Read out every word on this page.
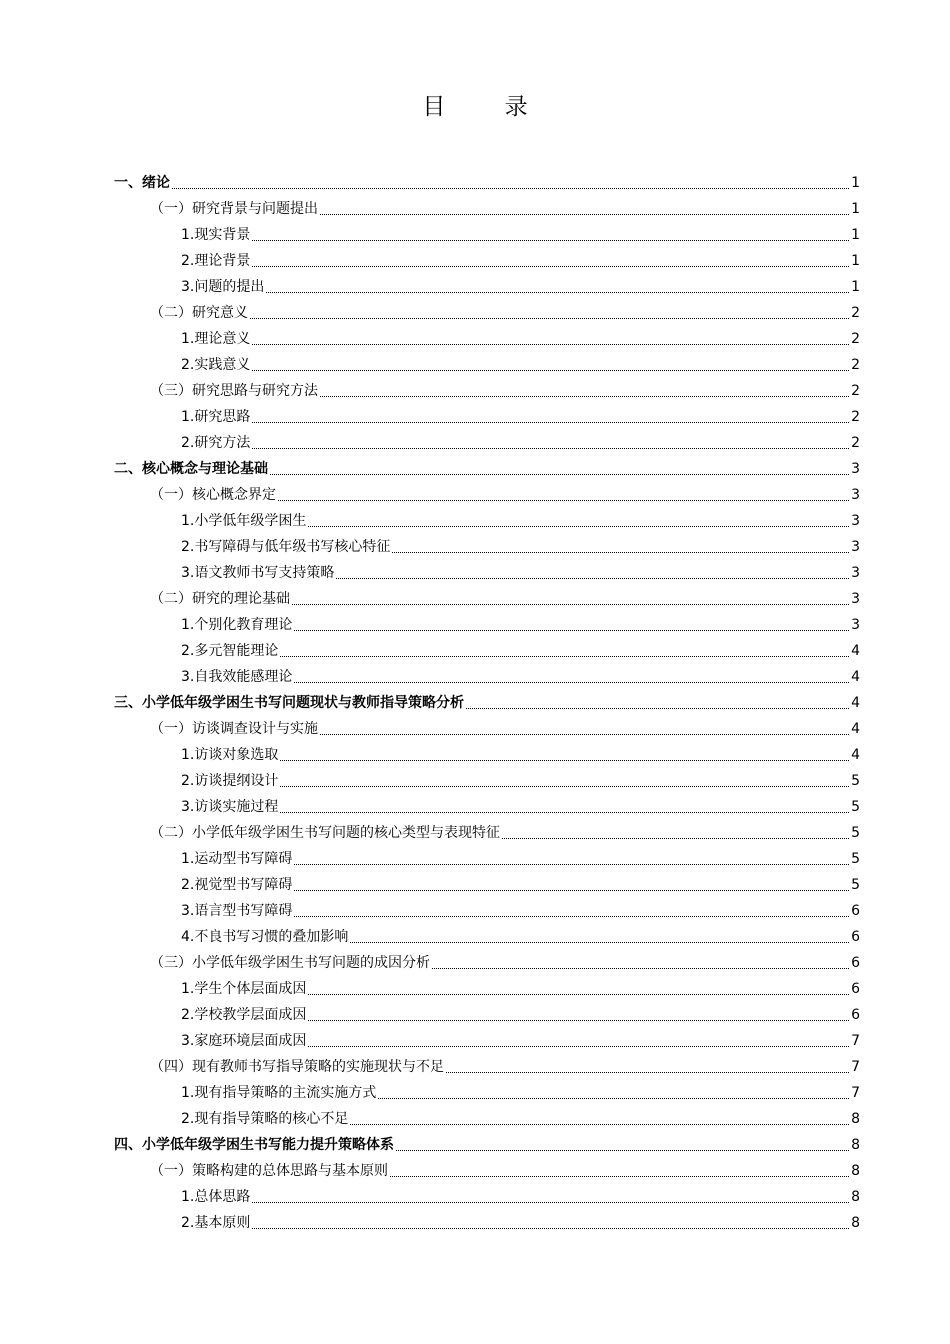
目 录
一、绪论	1
（一）研究背景与问题提出	1
1.现实背景	1
2.理论背景	1
3.问题的提出	1
（二）研究意义	2
1.理论意义	2
2.实践意义	2
（三）研究思路与研究方法	2
1.研究思路	2
2.研究方法	2
二、核心概念与理论基础	3
（一）核心概念界定	3
1.小学低年级学困生	3
2.书写障碍与低年级书写核心特征	3
3.语文教师书写支持策略	3
（二）研究的理论基础	3
1.个别化教育理论	3
2.多元智能理论	4
3.自我效能感理论	4
三、小学低年级学困生书写问题现状与教师指导策略分析	4
（一）访谈调查设计与实施	4
1.访谈对象选取	4
2.访谈提纲设计	5
3.访谈实施过程	5
（二）小学低年级学困生书写问题的核心类型与表现特征	5
1.运动型书写障碍	5
2.视觉型书写障碍	5
3.语言型书写障碍	6
4.不良书写习惯的叠加影响	6
（三）小学低年级学困生书写问题的成因分析	6
1.学生个体层面成因	6
2.学校教学层面成因	6
3.家庭环境层面成因	7
（四）现有教师书写指导策略的实施现状与不足	7
1.现有指导策略的主流实施方式	7
2.现有指导策略的核心不足	8
四、小学低年级学困生书写能力提升策略体系	8
（一）策略构建的总体思路与基本原则	8
1.总体思路	8
2.基本原则	8
